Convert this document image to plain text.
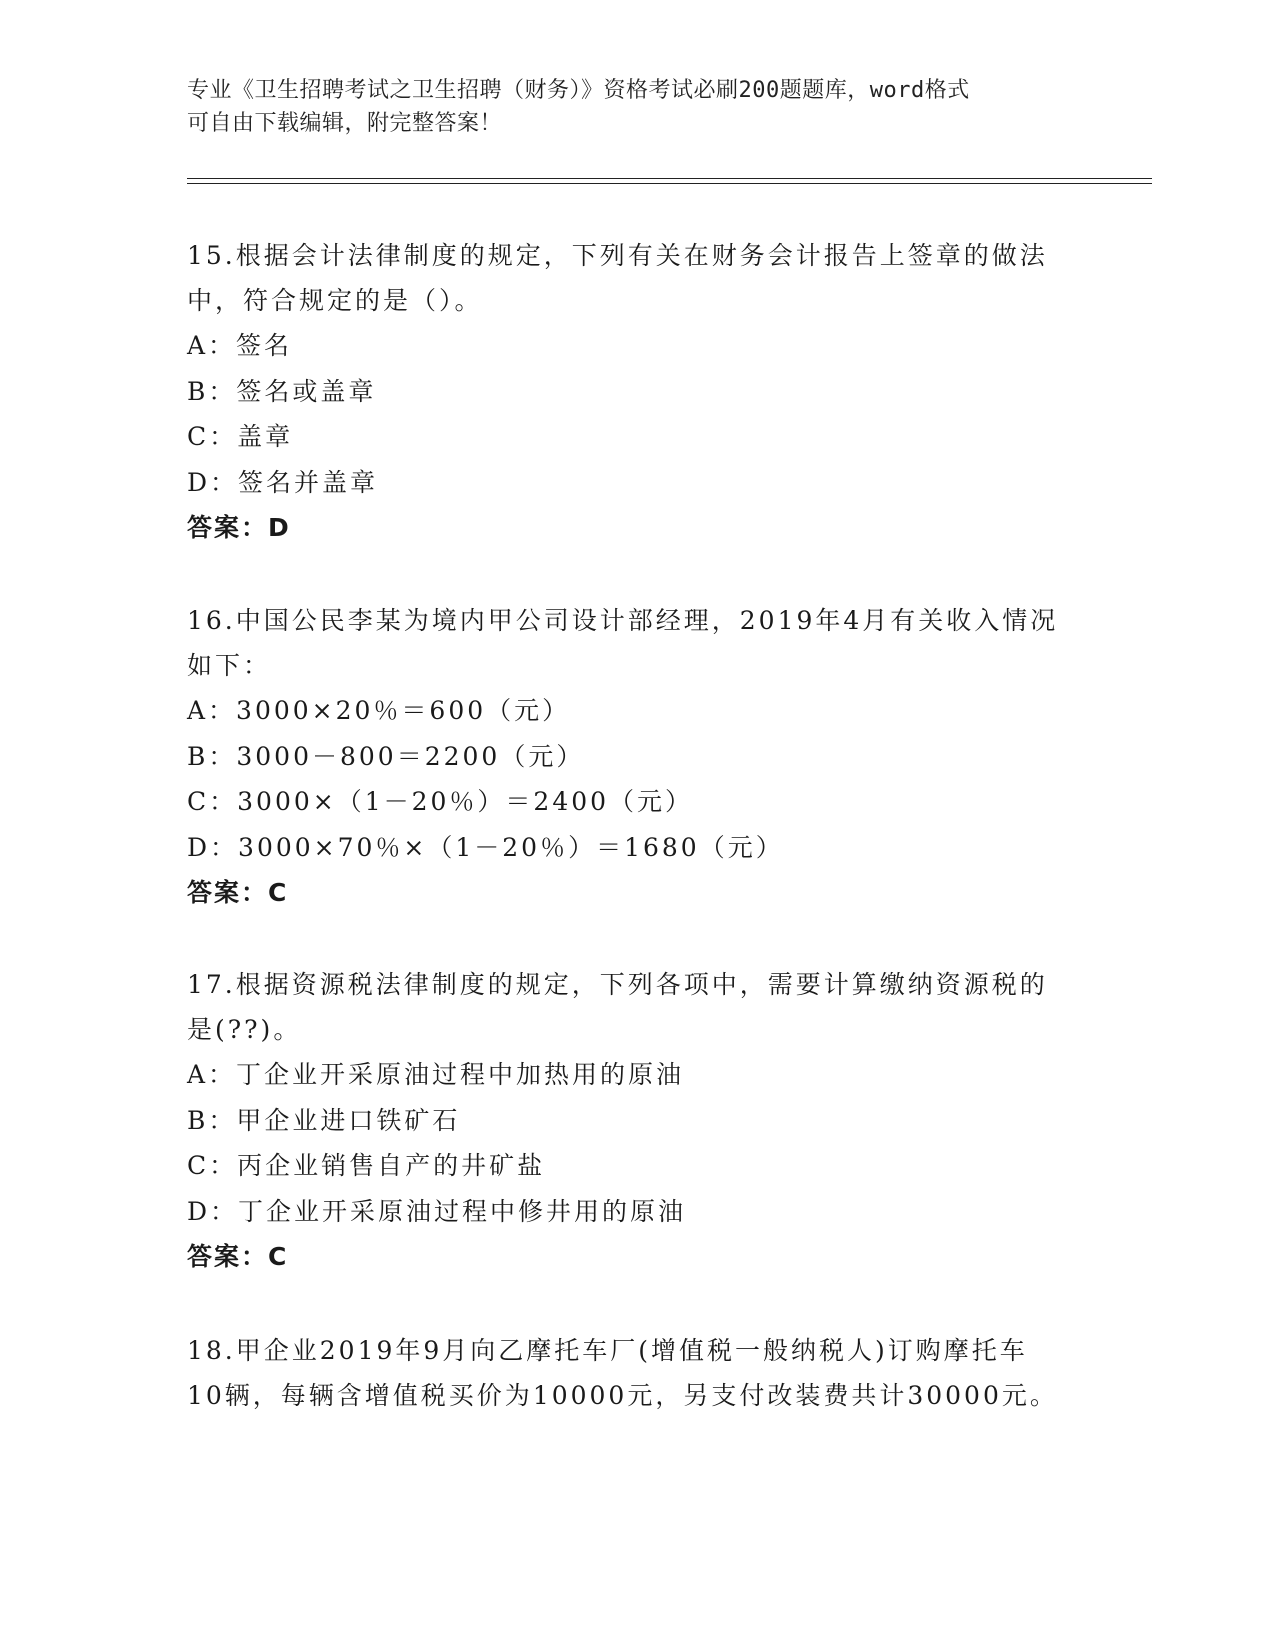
专业《卫生招聘考试之卫生招聘（财务）》资格考试必刷200题题库，word格式
可自由下载编辑，附完整答案！
15.根据会计法律制度的规定，下列有关在财务会计报告上签章的做法
中，符合规定的是（）。
A：签名
B：签名或盖章
C：盖章
D：签名并盖章
答案：D
16.中国公民李某为境内甲公司设计部经理，2019年4月有关收入情况
如下：
A：3000×20％＝600（元）
B：3000－800＝2200（元）
C：3000×（1－20％）＝2400（元）
D：3000×70％×（1－20％）＝1680（元）
答案：C
17.根据资源税法律制度的规定，下列各项中，需要计算缴纳资源税的
是(??)。
A：丁企业开采原油过程中加热用的原油
B：甲企业进口铁矿石
C：丙企业销售自产的井矿盐
D：丁企业开采原油过程中修井用的原油
答案：C
18.甲企业2019年9月向乙摩托车厂(增值税一般纳税人)订购摩托车
10辆，每辆含增值税买价为10000元，另支付改装费共计30000元。
